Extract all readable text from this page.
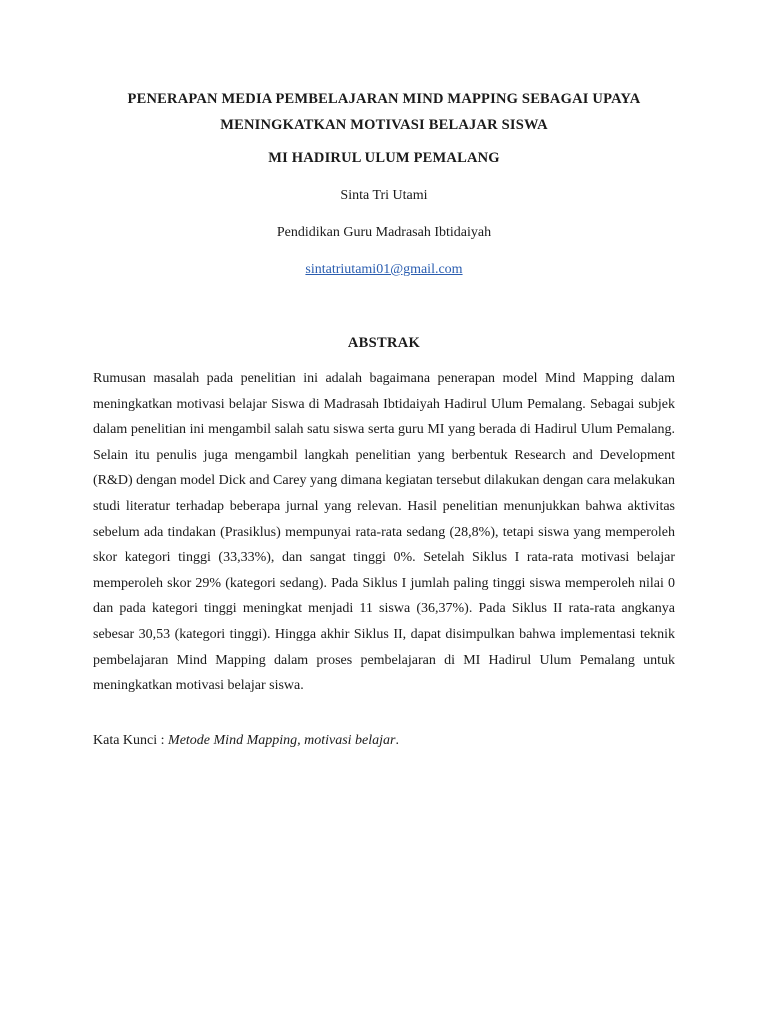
PENERAPAN MEDIA PEMBELAJARAN MIND MAPPING SEBAGAI UPAYA
MENINGKATKAN MOTIVASI BELAJAR SISWA
MI HADIRUL ULUM PEMALANG
Sinta Tri Utami
Pendidikan Guru Madrasah Ibtidaiyah
sintatriutami01@gmail.com
ABSTRAK

Rumusan masalah pada penelitian ini adalah bagaimana penerapan model Mind Mapping dalam meningkatkan motivasi belajar Siswa di Madrasah Ibtidaiyah Hadirul Ulum Pemalang. Sebagai subjek dalam penelitian ini mengambil salah satu siswa serta guru MI yang berada di Hadirul Ulum Pemalang. Selain itu penulis juga mengambil langkah penelitian yang berbentuk Research and Development (R&D) dengan model Dick and Carey yang dimana kegiatan tersebut dilakukan dengan cara melakukan studi literatur terhadap beberapa jurnal yang relevan. Hasil penelitian menunjukkan bahwa aktivitas sebelum ada tindakan (Prasiklus) mempunyai rata-rata sedang (28,8%), tetapi siswa yang memperoleh skor kategori tinggi (33,33%), dan sangat tinggi 0%. Setelah Siklus I rata-rata motivasi belajar memperoleh skor 29% (kategori sedang). Pada Siklus I jumlah paling tinggi siswa memperoleh nilai 0 dan pada kategori tinggi meningkat menjadi 11 siswa (36,37%). Pada Siklus II rata-rata angkanya sebesar 30,53 (kategori tinggi). Hingga akhir Siklus II, dapat disimpulkan bahwa implementasi teknik pembelajaran Mind Mapping dalam proses pembelajaran di MI Hadirul Ulum Pemalang untuk meningkatkan motivasi belajar siswa.

Kata Kunci : Metode Mind Mapping, motivasi belajar.
